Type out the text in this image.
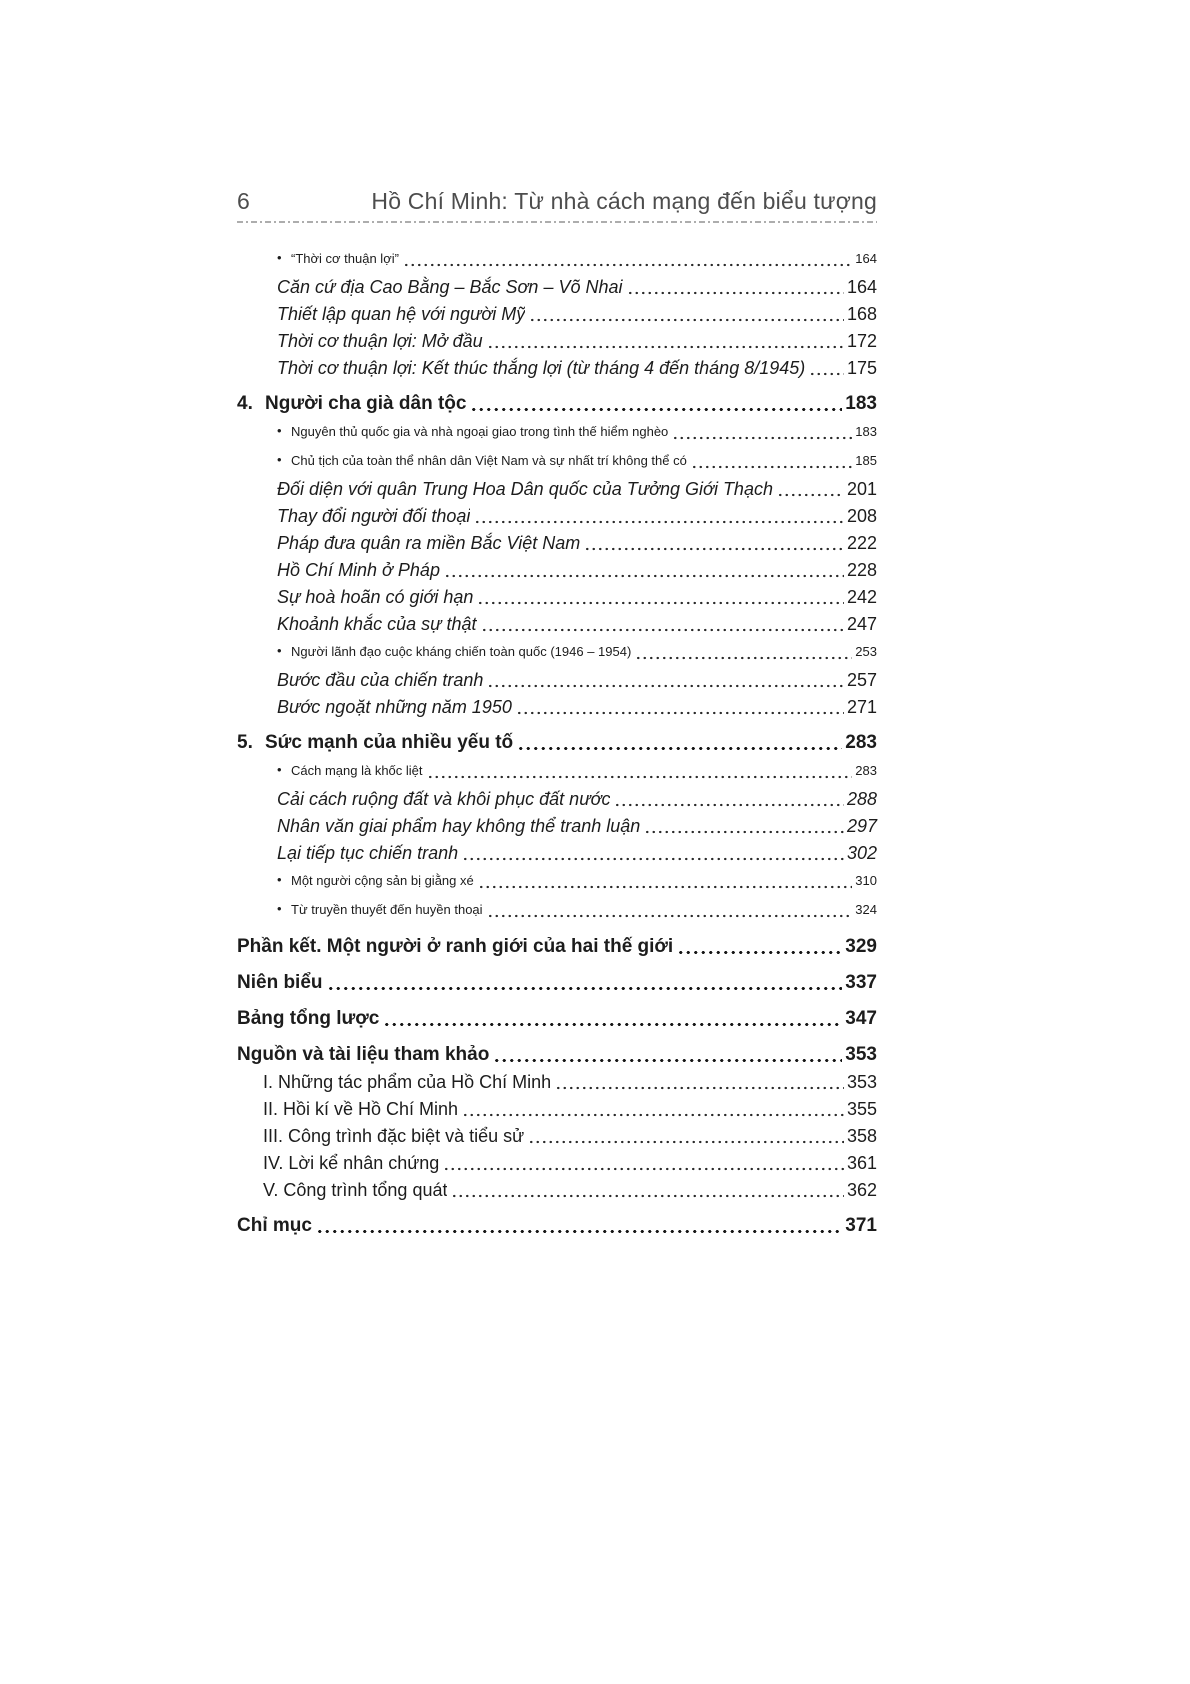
6	Hồ Chí Minh: Từ nhà cách mạng đến biểu tượng
• “Thời cơ thuận lợi”	164
Căn cứ địa Cao Bằng – Bắc Sơn – Võ Nhai	164
Thiết lập quan hệ với người Mỹ	168
Thời cơ thuận lợi: Mở đầu	172
Thời cơ thuận lợi: Kết thúc thắng lợi (từ tháng 4 đến tháng 8/1945) 175
4. Người cha già dân tộc	183
• Nguyên thủ quốc gia và nhà ngoại giao trong tình thế hiểm nghèo	183
• Chủ tịch của toàn thể nhân dân Việt Nam và sự nhất trí không thể có	185
Đối diện với quân Trung Hoa Dân quốc của Tưởng Giới Thạch	201
Thay đổi người đối thoại	208
Pháp đưa quân ra miền Bắc Việt Nam	222
Hồ Chí Minh ở Pháp	228
Sự hoà hoãn có giới hạn	242
Khoảnh khắc của sự thật	247
• Người lãnh đạo cuộc kháng chiến toàn quốc (1946 – 1954)	253
Bước đầu của chiến tranh	257
Bước ngoặt những năm 1950	271
5. Sức mạnh của nhiều yếu tố	283
• Cách mạng là khốc liệt	283
Cải cách ruộng đất và khôi phục đất nước	288
Nhân văn giai phẩm hay không thể tranh luận	297
Lại tiếp tục chiến tranh	302
• Một người cộng sản bị giằng xé	310
• Từ truyền thuyết đến huyền thoại	324
Phần kết. Một người ở ranh giới của hai thế giới	329
Niên biểu	337
Bảng tổng lược	347
Nguồn và tài liệu tham khảo	353
I. Những tác phẩm của Hồ Chí Minh	353
II. Hồi kí về Hồ Chí Minh	355
III. Công trình đặc biệt và tiểu sử	358
IV. Lời kể nhân chứng	361
V. Công trình tổng quát	362
Chỉ mục	371
